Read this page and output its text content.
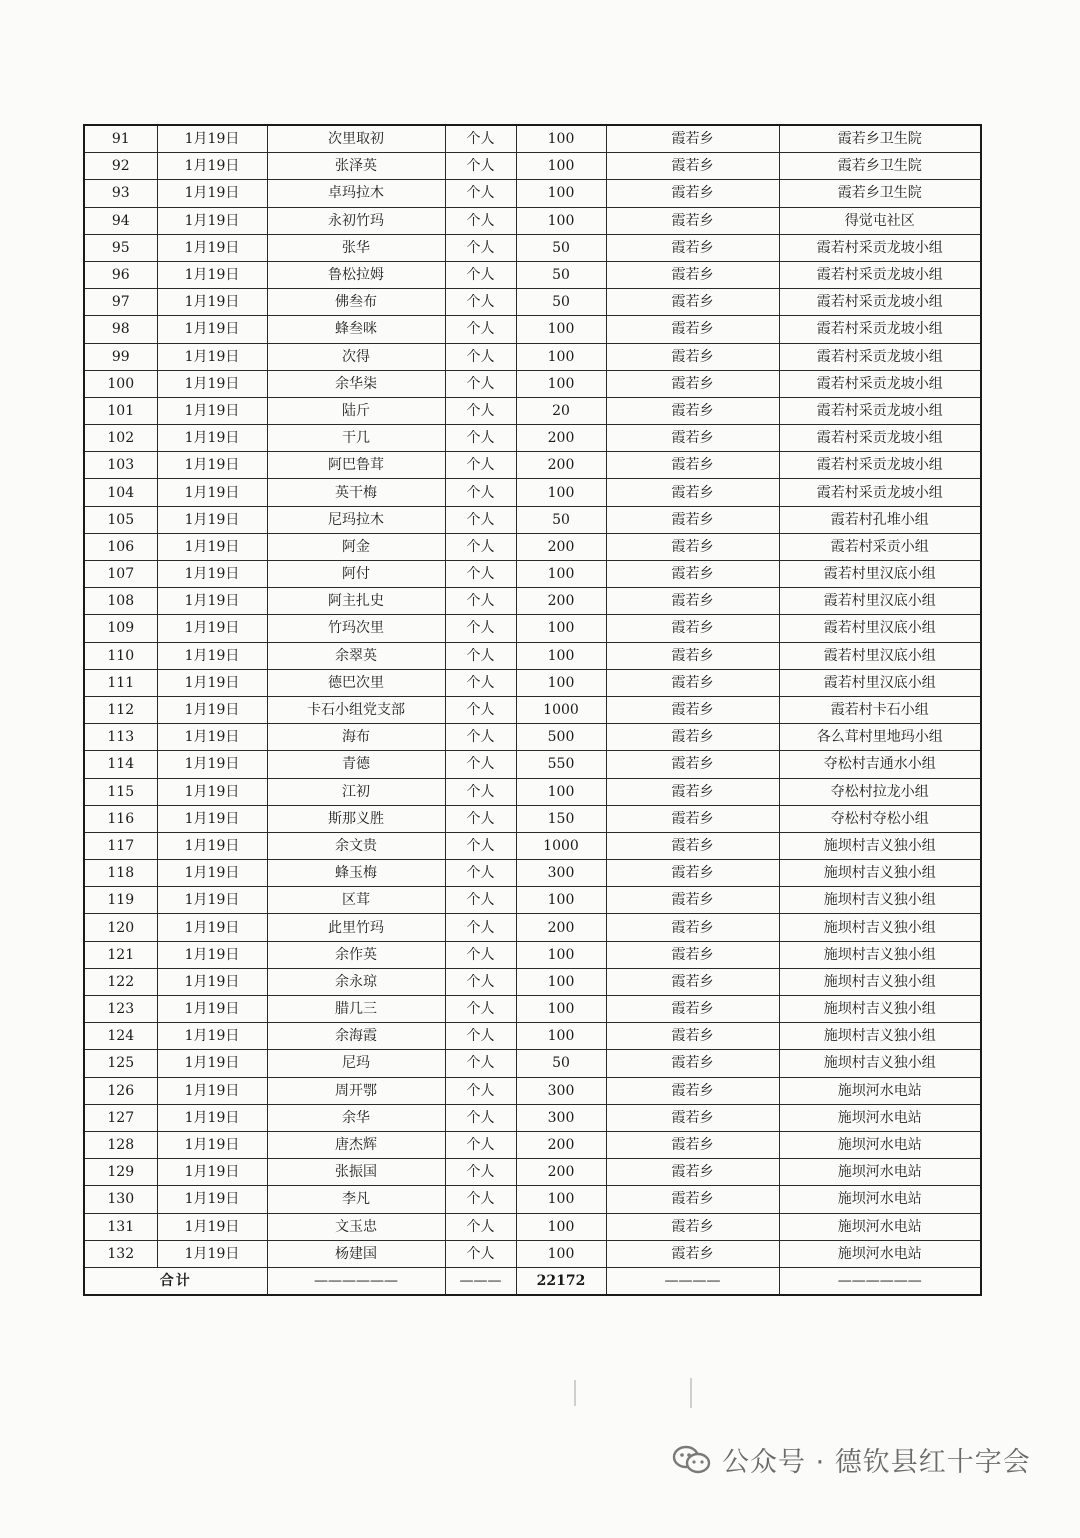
91	1月19日	次里取初	个人	100	霞若乡	霞若乡卫生院
92	1月19日	张泽英	个人	100	霞若乡	霞若乡卫生院
93	1月19日	卓玛拉木	个人	100	霞若乡	霞若乡卫生院
94	1月19日	永初竹玛	个人	100	霞若乡	得觉屯社区
95	1月19日	张华	个人	50	霞若乡	霞若村采贡龙坡小组
96	1月19日	鲁松拉姆	个人	50	霞若乡	霞若村采贡龙坡小组
97	1月19日	佛叁布	个人	50	霞若乡	霞若村采贡龙坡小组
98	1月19日	蜂叁咪	个人	100	霞若乡	霞若村采贡龙坡小组
99	1月19日	次得	个人	100	霞若乡	霞若村采贡龙坡小组
100	1月19日	余华柒	个人	100	霞若乡	霞若村采贡龙坡小组
101	1月19日	陆斤	个人	20	霞若乡	霞若村采贡龙坡小组
102	1月19日	干几	个人	200	霞若乡	霞若村采贡龙坡小组
103	1月19日	阿巴鲁茸	个人	200	霞若乡	霞若村采贡龙坡小组
104	1月19日	英干梅	个人	100	霞若乡	霞若村采贡龙坡小组
105	1月19日	尼玛拉木	个人	50	霞若乡	霞若村孔堆小组
106	1月19日	阿金	个人	200	霞若乡	霞若村采贡小组
107	1月19日	阿付	个人	100	霞若乡	霞若村里汉底小组
108	1月19日	阿主扎史	个人	200	霞若乡	霞若村里汉底小组
109	1月19日	竹玛次里	个人	100	霞若乡	霞若村里汉底小组
110	1月19日	余翠英	个人	100	霞若乡	霞若村里汉底小组
111	1月19日	德巴次里	个人	100	霞若乡	霞若村里汉底小组
112	1月19日	卡石小组党支部	个人	1000	霞若乡	霞若村卡石小组
113	1月19日	海布	个人	500	霞若乡	各么茸村里地玛小组
114	1月19日	青德	个人	550	霞若乡	夺松村吉通水小组
115	1月19日	江初	个人	100	霞若乡	夺松村拉龙小组
116	1月19日	斯那义胜	个人	150	霞若乡	夺松村夺松小组
117	1月19日	余文贵	个人	1000	霞若乡	施坝村吉义独小组
118	1月19日	蜂玉梅	个人	300	霞若乡	施坝村吉义独小组
119	1月19日	区茸	个人	100	霞若乡	施坝村吉义独小组
120	1月19日	此里竹玛	个人	200	霞若乡	施坝村吉义独小组
121	1月19日	余作英	个人	100	霞若乡	施坝村吉义独小组
122	1月19日	余永琼	个人	100	霞若乡	施坝村吉义独小组
123	1月19日	腊几三	个人	100	霞若乡	施坝村吉义独小组
124	1月19日	余海霞	个人	100	霞若乡	施坝村吉义独小组
125	1月19日	尼玛	个人	50	霞若乡	施坝村吉义独小组
126	1月19日	周开鄂	个人	300	霞若乡	施坝河水电站
127	1月19日	余华	个人	300	霞若乡	施坝河水电站
128	1月19日	唐杰辉	个人	200	霞若乡	施坝河水电站
129	1月19日	张振国	个人	200	霞若乡	施坝河水电站
130	1月19日	李凡	个人	100	霞若乡	施坝河水电站
131	1月19日	文玉忠	个人	100	霞若乡	施坝河水电站
132	1月19日	杨建国	个人	100	霞若乡	施坝河水电站
合计		——————	———	22172	————	——————
公众号 · 德钦县红十字会
